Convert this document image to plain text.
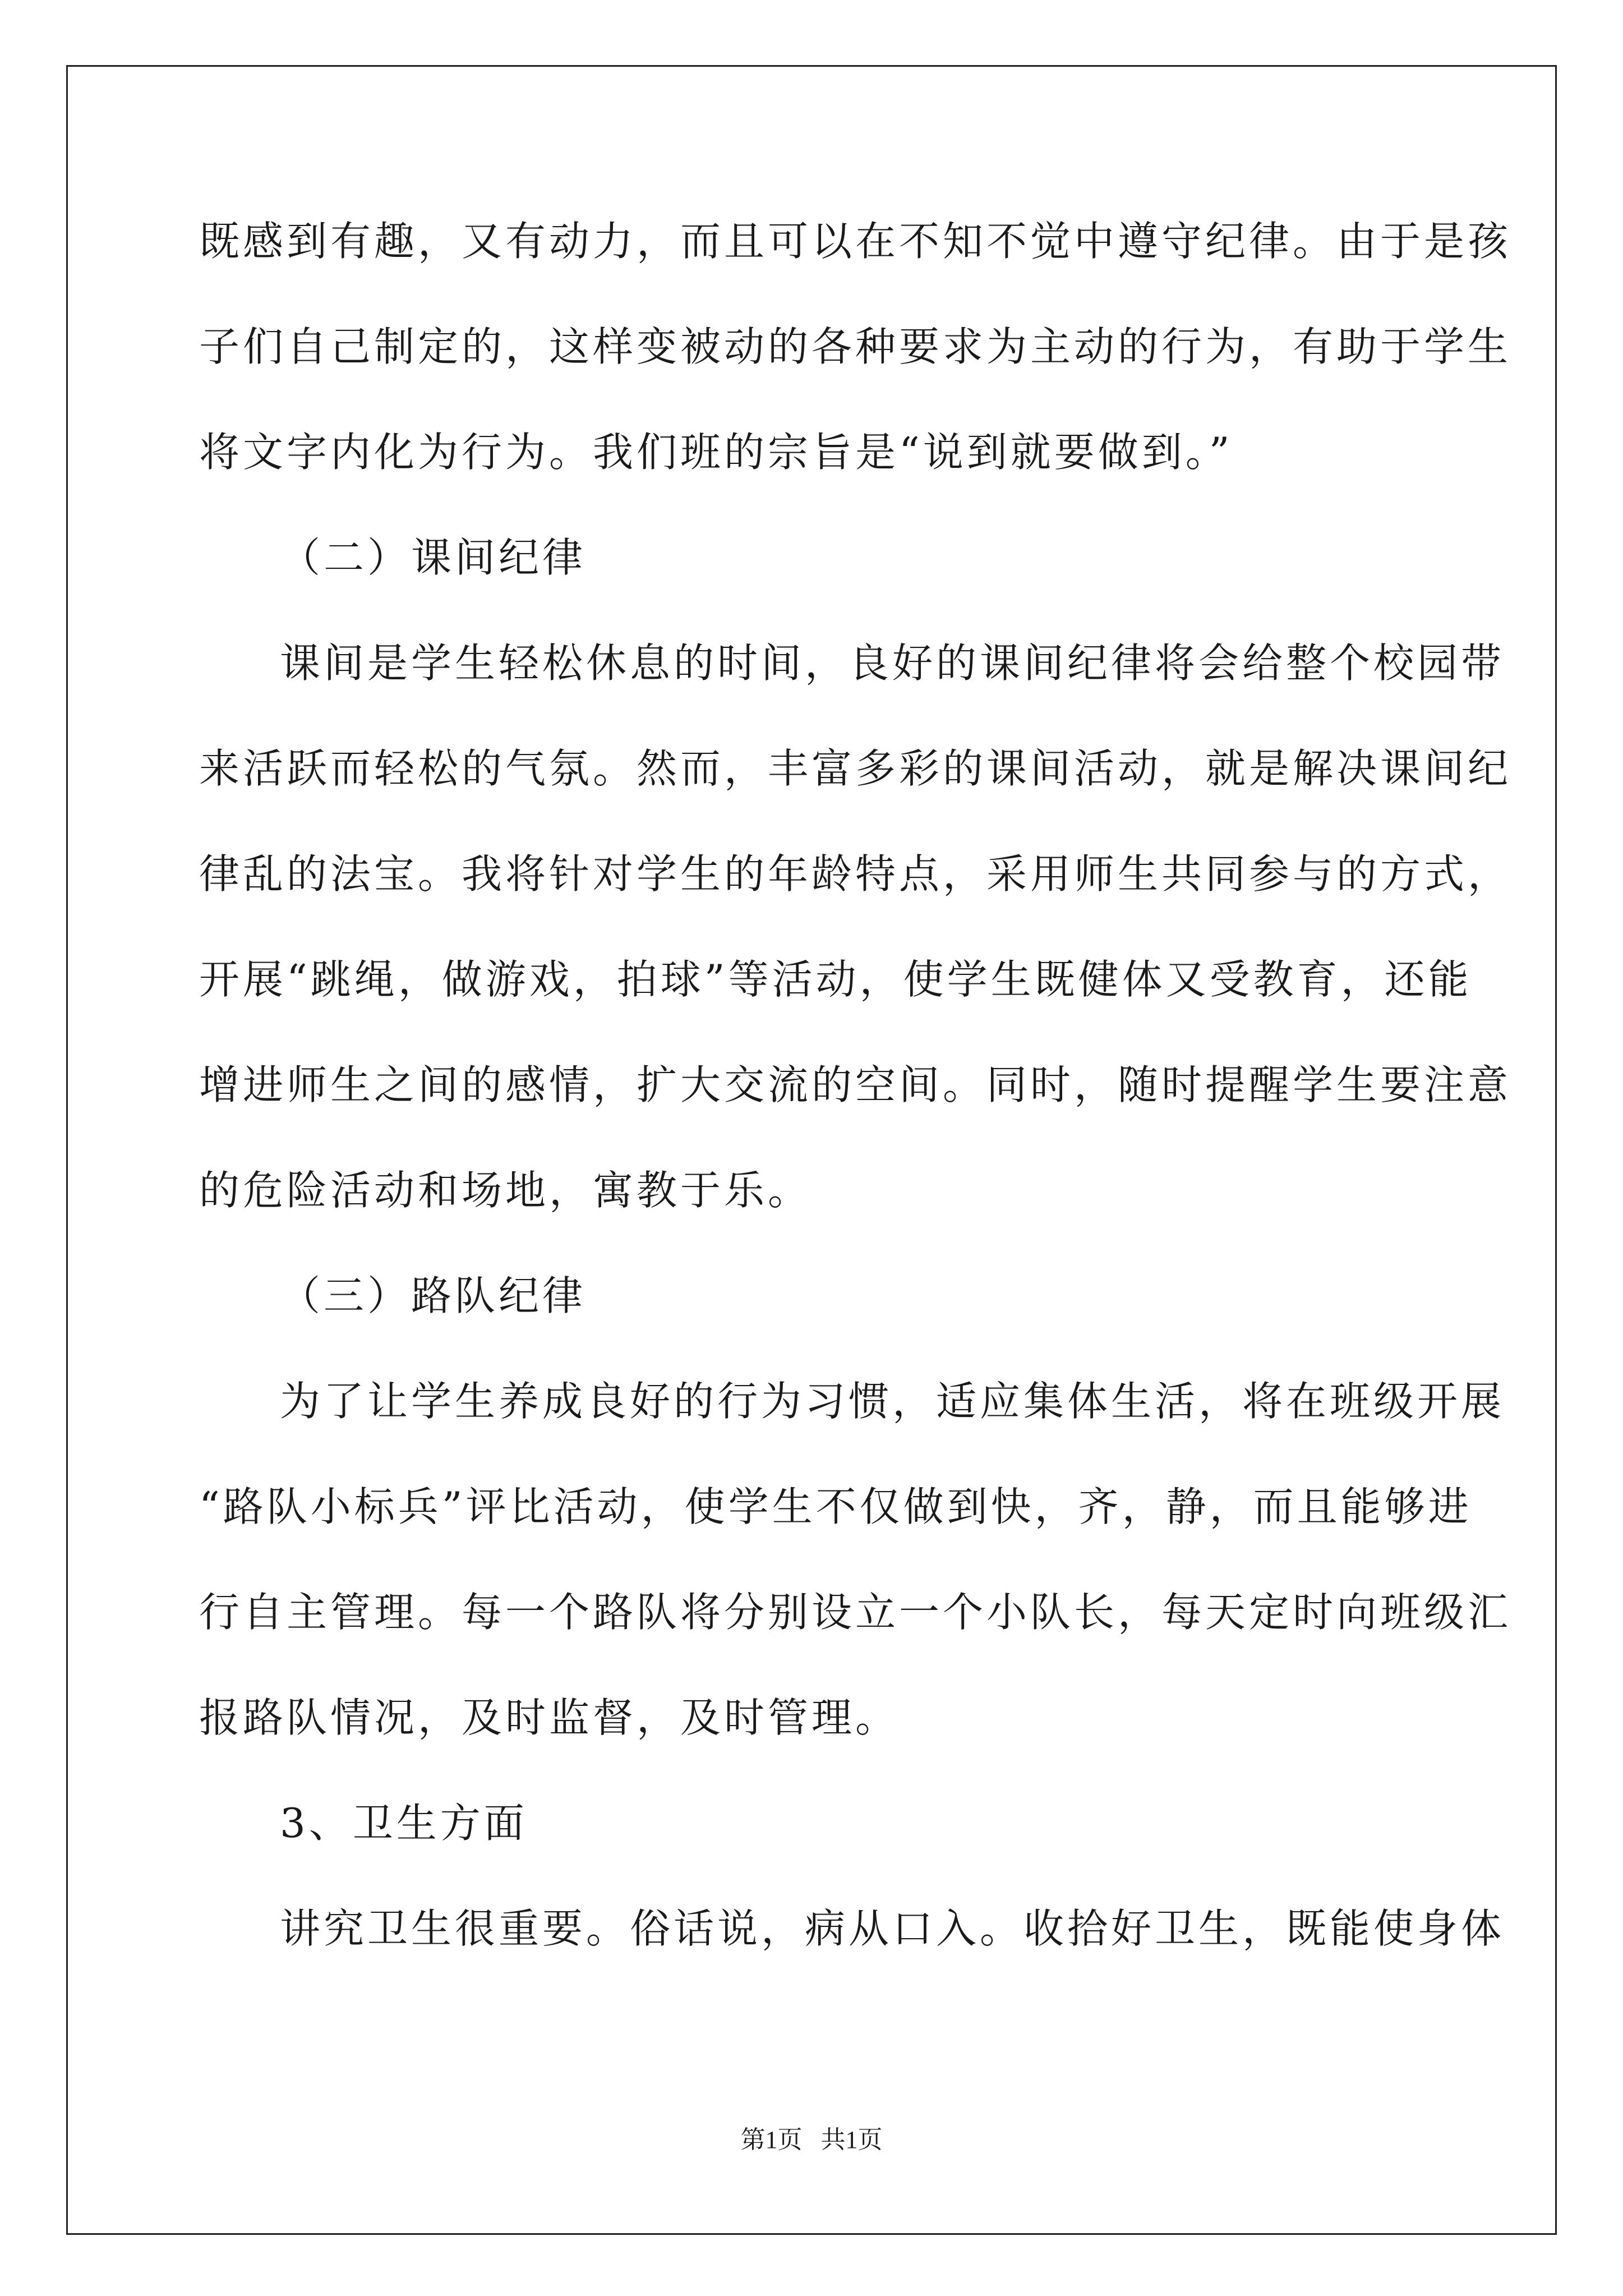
既感到有趣，又有动力，而且可以在不知不觉中遵守纪律。由于是孩
子们自己制定的，这样变被动的各种要求为主动的行为，有助于学生
将文字内化为行为。我们班的宗旨是“说到就要做到。”
（二）课间纪律
课间是学生轻松休息的时间，良好的课间纪律将会给整个校园带
来活跃而轻松的气氛。然而，丰富多彩的课间活动，就是解决课间纪
律乱的法宝。我将针对学生的年龄特点，采用师生共同参与的方式，
开展“跳绳，做游戏，拍球”等活动，使学生既健体又受教育，还能
增进师生之间的感情，扩大交流的空间。同时，随时提醒学生要注意
的危险活动和场地，寓教于乐。
（三）路队纪律
为了让学生养成良好的行为习惯，适应集体生活，将在班级开展
“路队小标兵”评比活动，使学生不仅做到快，齐，静，而且能够进
行自主管理。每一个路队将分别设立一个小队长，每天定时向班级汇
报路队情况，及时监督，及时管理。
3、卫生方面
讲究卫生很重要。俗话说，病从口入。收拾好卫生，既能使身体
第1页   共1页
